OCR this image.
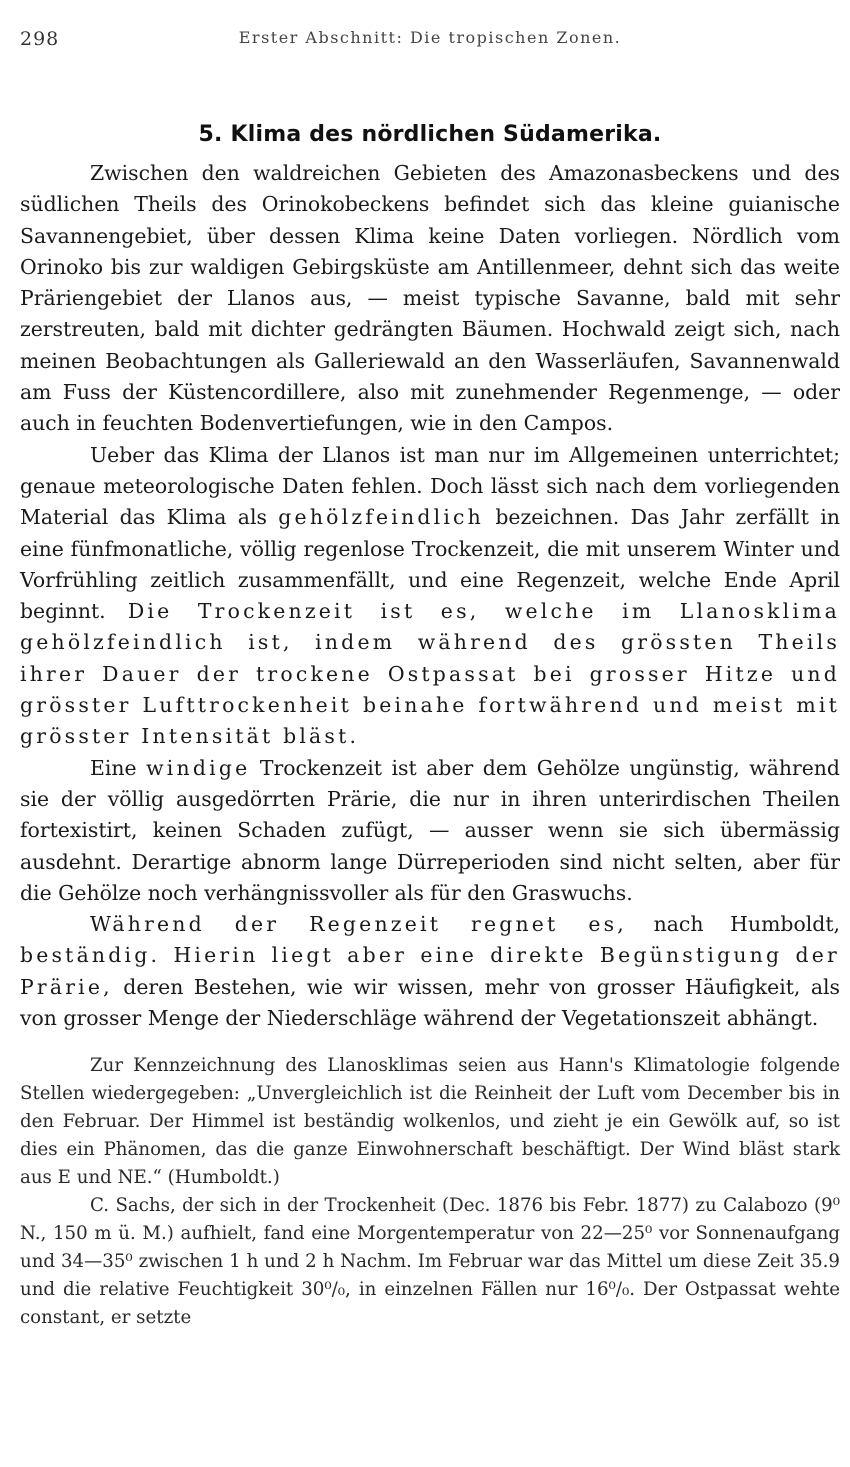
298	Erster Abschnitt: Die tropischen Zonen.
5. Klima des nördlichen Südamerika.

Zwischen den waldreichen Gebieten des Amazonasbeckens und des südlichen Theils des Orinokobeckens befindet sich das kleine guianische Savannengebiet, über dessen Klima keine Daten vorliegen. Nördlich vom Orinoko bis zur waldigen Gebirgsküste am Antillenmeer, dehnt sich das weite Präriengebiet der Llanos aus, — meist typische Savanne, bald mit sehr zerstreuten, bald mit dichter gedrängten Bäumen. Hochwald zeigt sich, nach meinen Beobachtungen als Galleriewald an den Wasserläufen, Savannenwald am Fuss der Küstencordillere, also mit zunehmender Regenmenge, — oder auch in feuchten Bodenvertiefungen, wie in den Campos.

Ueber das Klima der Llanos ist man nur im Allgemeinen unterrichtet; genaue meteorologische Daten fehlen. Doch lässt sich nach dem vorliegenden Material das Klima als gehölzfeindlich bezeichnen. Das Jahr zerfällt in eine fünfmonatliche, völlig regenlose Trockenzeit, die mit unserem Winter und Vorfrühling zeitlich zusammenfällt, und eine Regenzeit, welche Ende April beginnt. Die Trockenzeit ist es, welche im Llanosklima gehölzfeindlich ist, indem während des grössten Theils ihrer Dauer der trockene Ostpassat bei grosser Hitze und grösster Lufttrockenheit beinahe fortwährend und meist mit grösster Intensität bläst.

Eine windige Trockenzeit ist aber dem Gehölze ungünstig, während sie der völlig ausgedörrten Prärie, die nur in ihren unterirdischen Theilen fortexistirt, keinen Schaden zufügt, — ausser wenn sie sich übermässig ausdehnt. Derartige abnorm lange Dürreperioden sind nicht selten, aber für die Gehölze noch verhängnissvoller als für den Graswuchs.

Während der Regenzeit regnet es, nach Humboldt, beständig. Hierin liegt aber eine direkte Begünstigung der Prärie, deren Bestehen, wie wir wissen, mehr von grosser Häufigkeit, als von grosser Menge der Niederschläge während der Vegetationszeit abhängt.

Zur Kennzeichnung des Llanosklimas seien aus Hann's Klimatologie folgende Stellen wiedergegeben: „Unvergleichlich ist die Reinheit der Luft vom December bis in den Februar. Der Himmel ist beständig wolkenlos, und zieht je ein Gewölk auf, so ist dies ein Phänomen, das die ganze Einwohnerschaft beschäftigt. Der Wind bläst stark aus E und NE.“ (Humboldt.)

C. Sachs, der sich in der Trockenheit (Dec. 1876 bis Febr. 1877) zu Calabozo (9⁰ N., 150 m ü. M.) aufhielt, fand eine Morgentemperatur von 22—25⁰ vor Sonnenaufgang und 34—35⁰ zwischen 1 h und 2 h Nachm. Im Februar war das Mittel um diese Zeit 35.9 und die relative Feuchtigkeit 30⁰/₀, in einzelnen Fällen nur 16⁰/₀. Der Ostpassat wehte constant, er setzte
